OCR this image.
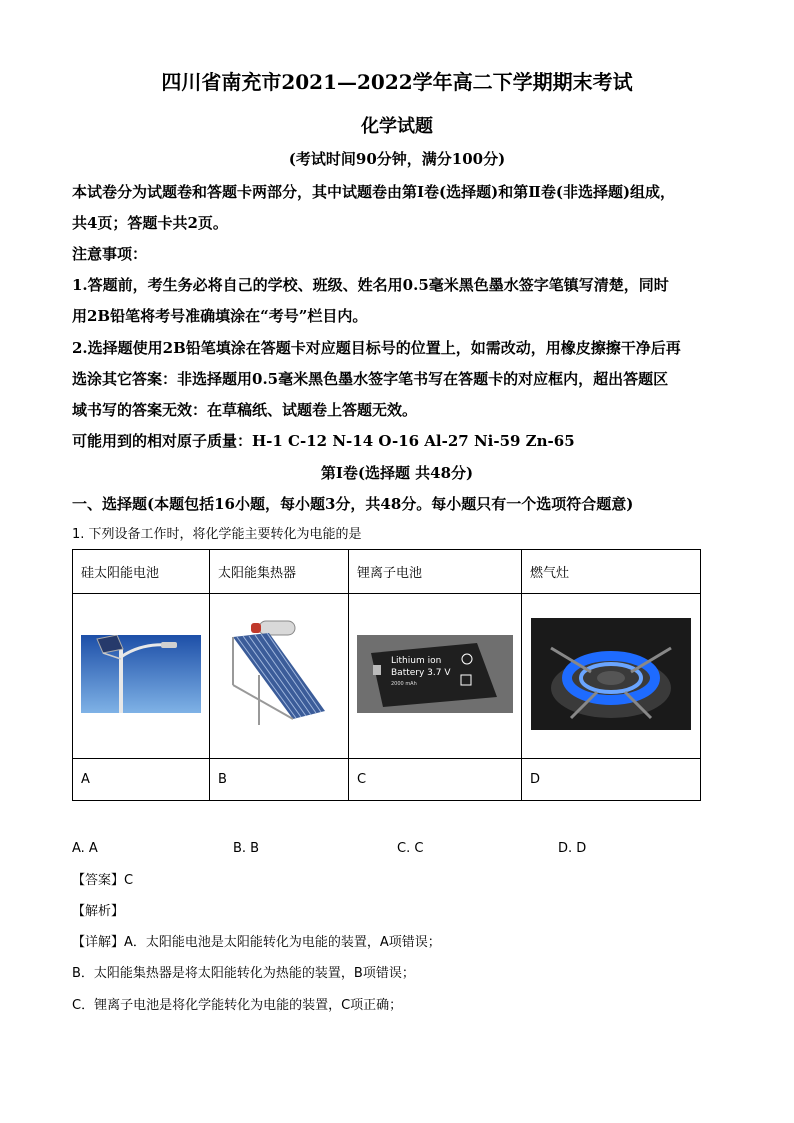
四川省南充市2021—2022学年高二下学期期末考试
化学试题
(考试时间90分钟，满分100分)
本试卷分为试题卷和答题卡两部分，其中试题卷由第Ⅰ卷(选择题)和第Ⅱ卷(非选择题)组成，
共4页；答题卡共2页。
注意事项：
1.答题前，考生务必将自己的学校、班级、姓名用0.5毫米黑色墨水签字笔镇写清楚，同时
用2B铅笔将考号准确填涂在“考号”栏目内。
2.选择题使用2B铅笔填涂在答题卡对应题目标号的位置上，如需改动，用橡皮擦擦干净后再
选涂其它答案：非选择题用0.5毫米黑色墨水签字笔书写在答题卡的对应框内，超出答题区
域书写的答案无效：在草稿纸、试题卷上答题无效。
可能用到的相对原子质量：H-1 C-12 N-14 O-16 Al-27 Ni-59 Zn-65
第Ⅰ卷(选择题 共48分)
一、选择题(本题包括16小题，每小题3分，共48分。每小题只有一个选项符合题意)
1. 下列设备工作时，将化学能主要转化为电能的是
硅太阳能电池	太阳能集热器	锂离子电池	燃气灶

Lithium ion
Battery 3.7 V
2000 mAh

A	B	C	D
A. A	B. B	C. C	D. D
【答案】C
【解析】
【详解】A．太阳能电池是太阳能转化为电能的装置，A项错误；
B．太阳能集热器是将太阳能转化为热能的装置，B项错误；
C．锂离子电池是将化学能转化为电能的装置，C项正确；
